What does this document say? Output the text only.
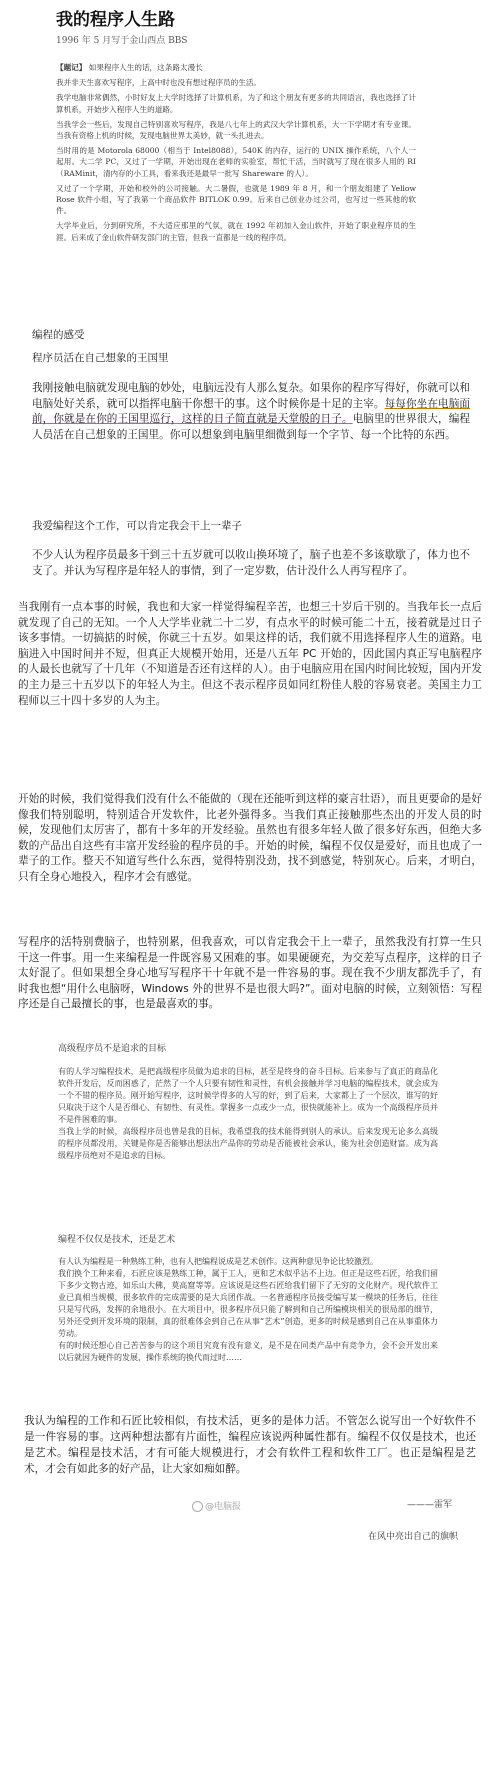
我的程序人生路
1996 年 5 月写于金山西点 BBS

【题记】 如果程序人生的话，这条路太漫长

我并非天生喜欢写程序，上高中时也没有想过程序员的生活。

我学电脑非常偶然，小时好友上大学时选择了计算机系，为了和这个朋友有更多的共同语言，我也选择了计算机系，开始步入程序人生的道路。

当我学会一些后，发现自己特别喜欢写程序，我是八七年上的武汉大学计算机系，大一下学期才有专业课。当我有资格上机的时候，发现电脑世界太美妙，就一头扎进去。

当时用的是 Motorola 68000（相当于 Intel8088），540K 的内存，运行的 UNIX 操作系统，八个人一起用。大二学 PC，又过了一学期，开始出现在老师的实验室，帮忙干活，当时就写了现在很多人用的 RI（RAMinit，清内存的小工具，看来我还是最早一批写 Shareware 的人）。

又过了一个学期，开始和校外的公司接触。大二暑假，也就是 1989 年 8 月，和一个朋友组建了 Yellow Rose 软件小组，写了我第一个商品软件 BITLOK 0.99。后来自己创业办过公司，也写过一些其他的软件。

大学毕业后，分到研究所，不大适应那里的气氛，就在 1992 年初加入金山软件，开始了职业程序员的生涯。后来成了金山软件研发部门的主管，但我一直都是一线的程序员。

编程的感受
程序员活在自己想象的王国里

我刚接触电脑就发现电脑的妙处，电脑远没有人那么复杂。如果你的程序写得好，你就可以和电脑处好关系，就可以指挥电脑干你想干的事。这个时候你是十足的主宰。每每你坐在电脑面前，你就是在你的王国里巡行，这样的日子简直就是天堂般的日子。电脑里的世界很大，编程人员活在自己想象的王国里。你可以想象到电脑里细微到每一个字节、每一个比特的东西。

我爱编程这个工作，可以肯定我会干上一辈子

不少人认为程序员最多干到三十五岁就可以收山换环境了，脑子也差不多该歇歇了，体力也不支了。并认为写程序是年轻人的事情，到了一定岁数，估计没什么人再写程序了。

当我刚有一点本事的时候，我也和大家一样觉得编程辛苦，也想三十岁后干别的。当我年长一点后就发现了自己的无知。一个人大学毕业就二十二岁，有点水平的时候可能二十五，接着就是过日子该多事情。一切搞掂的时候，你就三十五岁。如果这样的话，我们就不用选择程序人生的道路。电脑进入中国时间并不短，但真正大规模开始用，还是八五年 PC 开始的，因此国内真正写电脑程序的人最长也就写了十几年（不知道是否还有这样的人）。由于电脑应用在国内时间比较短，国内开发的主力是三十五岁以下的年轻人为主。但这不表示程序员如同红粉佳人般的容易衰老。美国主力工程师以三十四十多岁的人为主。

开始的时候，我们觉得我们没有什么不能做的（现在还能听到这样的豪言壮语），而且更要命的是好像我们特别聪明，特别适合开发软件，比老外强得多。当我们真正接触那些杰出的开发人员的时候，发现他们太厉害了，都有十多年的开发经验。虽然也有很多年轻人做了很多好东西，但绝大多数的产品出自这些有丰富开发经验的程序员的手。开始的时候，编程不仅仅是爱好，而且也成了一辈子的工作。整天不知道写些什么东西，觉得特别没劲，找不到感觉，特别灰心。后来，才明白，只有全身心地投入，程序才会有感觉。

写程序的活特别费脑子，也特别累，但我喜欢，可以肯定我会干上一辈子，虽然我没有打算一生只干这一件事。用一生来编程是一件既容易又困难的事。如果硬硬充，为交差写点程序，这样的日子太好混了。但如果想全身心地写写程序干十年就不是一件容易的事。现在我不少朋友都洗手了，有时我也想“用什么电脑呀，Windows 外的世界不是也很大吗?”。面对电脑的时候，立刻领悟：写程序还是自己最擅长的事，也是最喜欢的事。

高级程序员不是追求的目标

有的人学习编程技术，是把高级程序员做为追求的目标，甚至是终身的奋斗目标。后来参与了真正的商品化软件开发后，反而困惑了，茫然了一个人只要有韧性和灵性，有机会接触并学习电脑的编程技术，就会成为一个不错的程序员。刚开始写程序，这时候学得多的人写的好，到了后来，大家都上了一个层次，谁写的好只取决于这个人是否细心、有韧性、有灵性。掌握多一点或少一点，很快就能补上。成为一个高级程序员并不是件困难的事。

当我上学的时候，高级程序员也曾是我的目标，我希望我的技术能得到别人的承认。后来发现无论多么高级的程序员都没用，关键是你是否能够出想法出产品你的劳动是否能被社会承认，能为社会创造财富。成为高级程序员绝对不是追求的目标。

编程不仅仅是技术，还是艺术

有人认为编程是一种熟练工种，也有人把编程说成是艺术创作。这两种意见争论比较激烈。

我们换个工种来看，石匠应该是熟练工种，属于工人，更和艺术似乎沾不上边。但正是这些石匠，给我们留下多少文物古迹，如乐山大佛，莫高窟等等。应该说是这些石匠给我们留下了无穷的文化财产。现代软件工业已真相当规模，很多软件的完成需要的是大兵团作战。一名普通程序员接受编写某一模块的任务后，往往只是写代码，发挥的余地很小。在大项目中，很多程序员只能了解到和自己所编模块相关的很局部的细节，另外还受到开发环境的限制，真的很难体会到自己在从事“艺术”创造，更多的时候是感到自己在从事重体力劳动。

有的时候还想心自己苦苦参与的这个项目究竟有没有意义，是不是在同类产品中有竞争力，会不会开发出来以后就因为硬件的发展，操作系统的换代而过时……

我认为编程的工作和石匠比较相似，有技术活，更多的是体力活。不管怎么说写出一个好软件不是一件容易的事。这两种想法都有片面性，编程应该说两种属性都有。编程不仅仅是技术，也还是艺术。编程是技术活，才有可能大规模进行，才会有软件工程和软件工厂。也正是编程是艺术，才会有如此多的好产品，让大家如痴如醉。

@电脑报	———雷军
在风中亮出自己的旗帜
